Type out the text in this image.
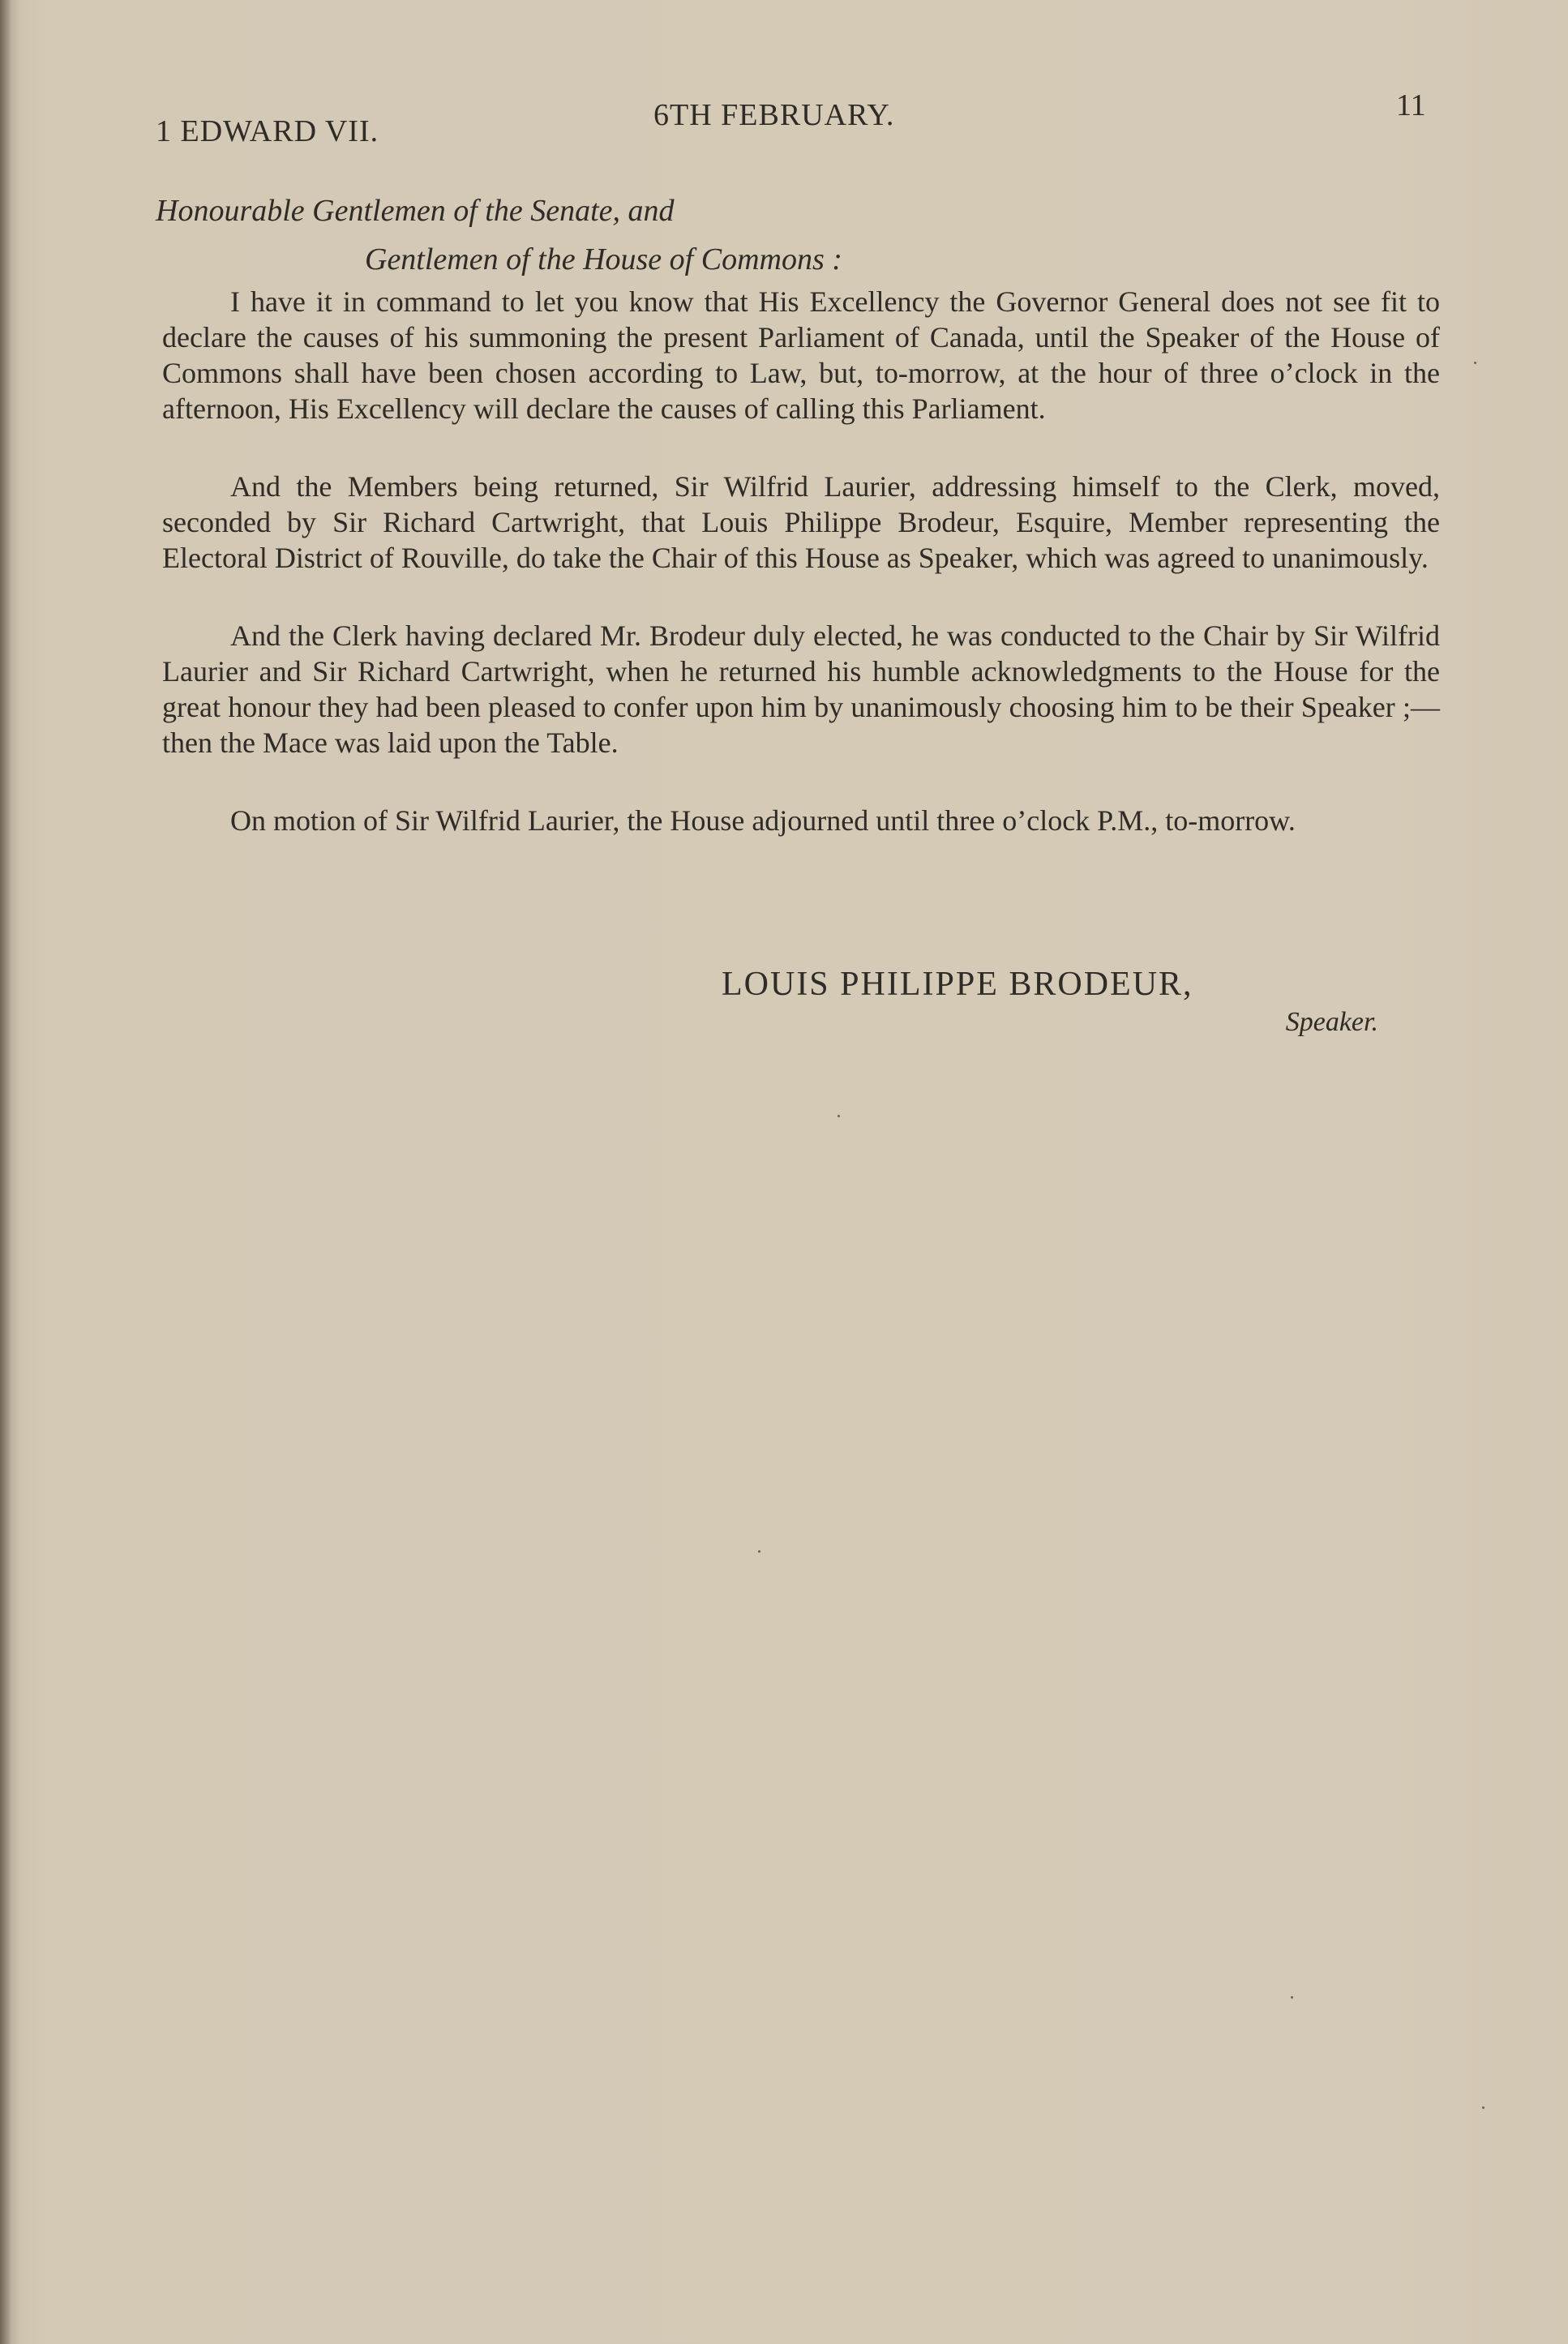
1 EDWARD VII.	6TH FEBRUARY.	11
Honourable Gentlemen of the Senate, and
Gentlemen of the House of Commons :

I have it in command to let you know that His Excellency the Governor General does not see fit to declare the causes of his summoning the present Parliament of Canada, until the Speaker of the House of Commons shall have been chosen according to Law, but, to-morrow, at the hour of three o’clock in the afternoon, His Excellency will declare the causes of calling this Parliament.

And the Members being returned, Sir Wilfrid Laurier, addressing himself to the Clerk, moved, seconded by Sir Richard Cartwright, that Louis Philippe Brodeur, Esquire, Member representing the Electoral District of Rouville, do take the Chair of this House as Speaker, which was agreed to unanimously.

And the Clerk having declared Mr. Brodeur duly elected, he was conducted to the Chair by Sir Wilfrid Laurier and Sir Richard Cartwright, when he returned his humble acknowledgments to the House for the great honour they had been pleased to confer upon him by unanimously choosing him to be their Speaker ;—then the Mace was laid upon the Table.

On motion of Sir Wilfrid Laurier, the House adjourned until three o’clock P.M., to-morrow.

LOUIS PHILIPPE BRODEUR,
Speaker.
